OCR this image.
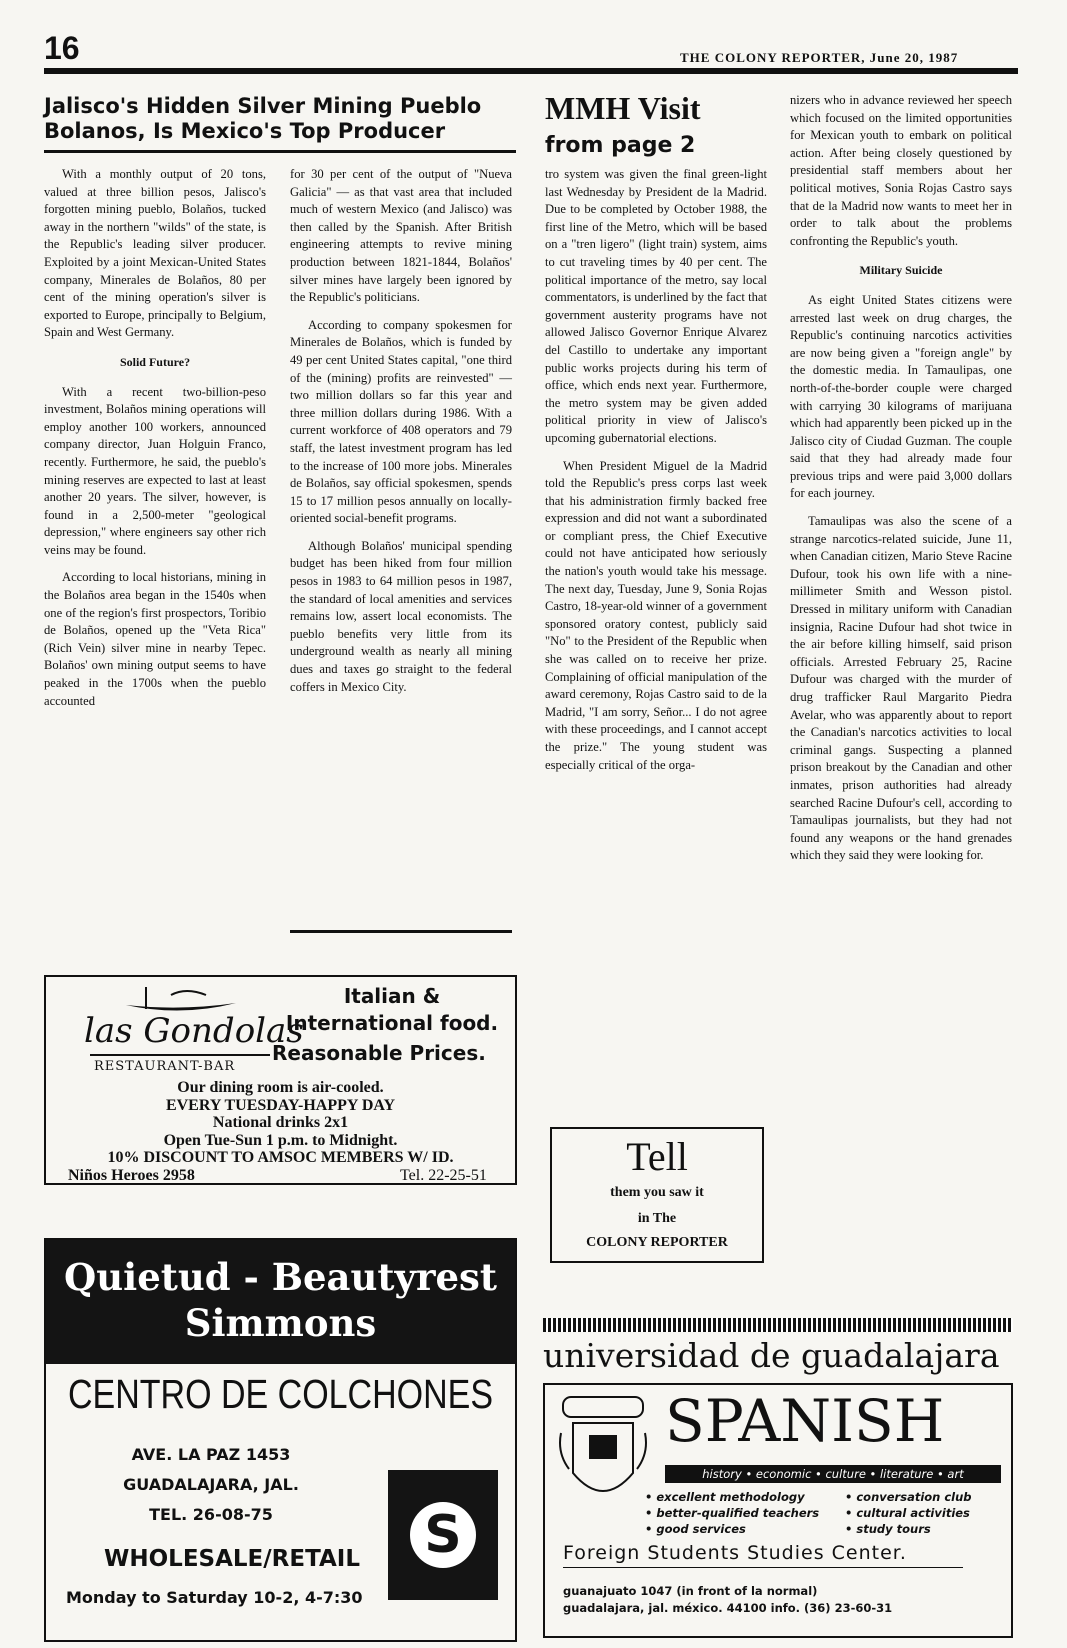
16	THE COLONY REPORTER, June 20, 1987
Jalisco's Hidden Silver Mining Pueblo Bolanos, Is Mexico's Top Producer

With a monthly output of 20 tons, valued at three billion pesos, Jalisco's forgotten mining pueblo, Bolaños, tucked away in the northern "wilds" of the state, is the Republic's leading silver producer. Exploited by a joint Mexican-United States company, Minerales de Bolaños, 80 per cent of the mining operation's silver is exported to Europe, principally to Belgium, Spain and West Germany.

Solid Future?

With a recent two-billion-peso investment, Bolaños mining operations will employ another 100 workers, announced company director, Juan Holguin Franco, recently. Furthermore, he said, the pueblo's mining reserves are expected to last at least another 20 years. The silver, however, is found in a 2,500-meter "geological depression," where engineers say other rich veins may be found.

According to local historians, mining in the Bolaños area began in the 1540s when one of the region's first prospectors, Toribio de Bolaños, opened up the "Veta Rica" (Rich Vein) silver mine in nearby Tepec. Bolaños' own mining output seems to have peaked in the 1700s when the pueblo accounted

for 30 per cent of the output of "Nueva Galicia" — as that vast area that included much of western Mexico (and Jalisco) was then called by the Spanish. After British engineering attempts to revive mining production between 1821-1844, Bolaños' silver mines have largely been ignored by the Republic's politicians.

According to company spokesmen for Minerales de Bolaños, which is funded by 49 per cent United States capital, "one third of the (mining) profits are reinvested" — two million dollars so far this year and three million dollars during 1986. With a current workforce of 408 operators and 79 staff, the latest investment program has led to the increase of 100 more jobs. Minerales de Bolaños, say official spokesmen, spends 15 to 17 million pesos annually on locally-oriented social-benefit programs.

Although Bolaños' municipal spending budget has been hiked from four million pesos in 1983 to 64 million pesos in 1987, the standard of local amenities and services remains low, assert local economists. The pueblo benefits very little from its underground wealth as nearly all mining dues and taxes go straight to the federal coffers in Mexico City.

MMH Visit
from page 2

tro system was given the final green-light last Wednesday by President de la Madrid. Due to be completed by October 1988, the first line of the Metro, which will be based on a "tren ligero" (light train) system, aims to cut traveling times by 40 per cent. The political importance of the metro, say local commentators, is underlined by the fact that government austerity programs have not allowed Jalisco Governor Enrique Alvarez del Castillo to undertake any important public works projects during his term of office, which ends next year. Furthermore, the metro system may be given added political priority in view of Jalisco's upcoming gubernatorial elections.

When President Miguel de la Madrid told the Republic's press corps last week that his administration firmly backed free expression and did not want a subordinated or compliant press, the Chief Executive could not have anticipated how seriously the nation's youth would take his message. The next day, Tuesday, June 9, Sonia Rojas Castro, 18-year-old winner of a government sponsored oratory contest, publicly said "No" to the President of the Republic when she was called on to receive her prize. Complaining of official manipulation of the award ceremony, Rojas Castro said to de la Madrid, "I am sorry, Señor... I do not agree with these proceedings, and I cannot accept the prize." The young student was especially critical of the orga-

nizers who in advance reviewed her speech which focused on the limited opportunities for Mexican youth to embark on political action. After being closely questioned by presidential staff members about her political motives, Sonia Rojas Castro says that de la Madrid now wants to meet her in order to talk about the problems confronting the Republic's youth.

Military Suicide

As eight United States citizens were arrested last week on drug charges, the Republic's continuing narcotics activities are now being given a "foreign angle" by the domestic media. In Tamaulipas, one north-of-the-border couple were charged with carrying 30 kilograms of marijuana which had apparently been picked up in the Jalisco city of Ciudad Guzman. The couple said that they had already made four previous trips and were paid 3,000 dollars for each journey.

Tamaulipas was also the scene of a strange narcotics-related suicide, June 11, when Canadian citizen, Mario Steve Racine Dufour, took his own life with a nine-millimeter Smith and Wesson pistol. Dressed in military uniform with Canadian insignia, Racine Dufour had shot twice in the air before killing himself, said prison officials. Arrested February 25, Racine Dufour was charged with the murder of drug trafficker Raul Margarito Piedra Avelar, who was apparently about to report the Canadian's narcotics activities to local criminal gangs. Suspecting a planned prison breakout by the Canadian and other inmates, prison authorities had already searched Racine Dufour's cell, according to Tamaulipas journalists, but they had not found any weapons or the hand grenades which they said they were looking for.

las Gondolas
RESTAURANT-BAR
Italian & International food.
Reasonable Prices.
Our dining room is air-cooled.
EVERY TUESDAY-HAPPY DAY
National drinks 2x1
Open Tue-Sun 1 p.m. to Midnight.
10% DISCOUNT TO AMSOC MEMBERS W/ ID.
Niños Heroes 2958	Tel. 22-25-51	Tell
them you saw it
in The
COLONY REPORTER
Quietud - Beautyrest
Simmons
CENTRO DE COLCHONES
AVE. LA PAZ 1453
GUADALAJARA, JAL.
TEL. 26-08-75
WHOLESALE/RETAIL
Monday to Saturday 10-2, 4-7:30
S
universidad de guadalajara
SPANISH
history • economic • culture • literature • art
• excellent methodology
• better-qualified teachers
• good services
• conversation club
• cultural activities
• study tours
Foreign Students Studies Center.
guanajuato 1047 (in front of la normal)
guadalajara, jal. méxico. 44100 info. (36) 23-60-31
